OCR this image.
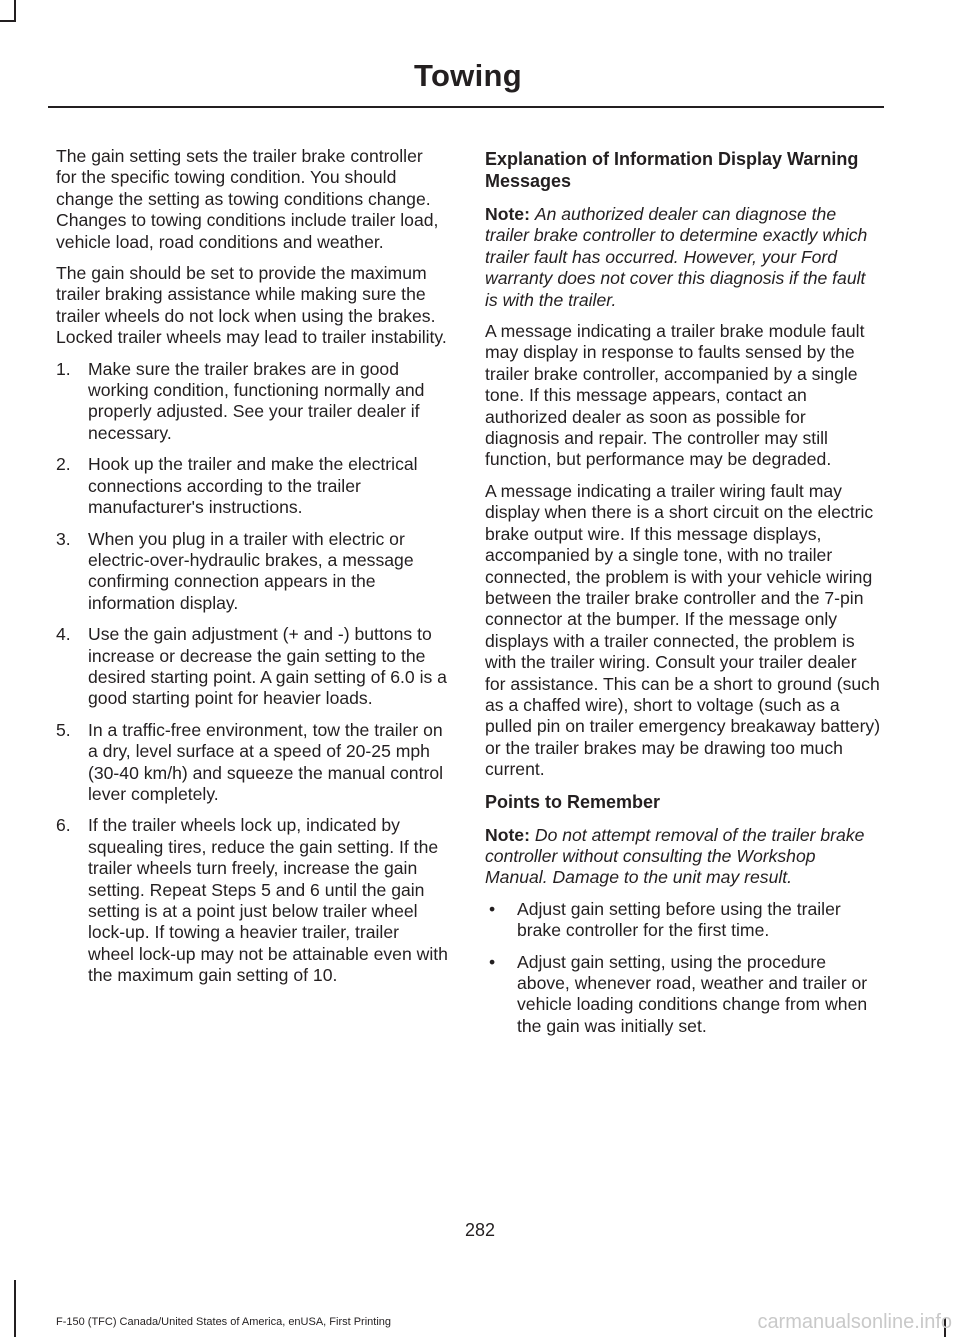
Towing

The gain setting sets the trailer brake controller for the specific towing condition. You should change the setting as towing conditions change. Changes to towing conditions include trailer load, vehicle load, road conditions and weather.

The gain should be set to provide the maximum trailer braking assistance while making sure the trailer wheels do not lock when using the brakes. Locked trailer wheels may lead to trailer instability.

1. Make sure the trailer brakes are in good working condition, functioning normally and properly adjusted. See your trailer dealer if necessary.
2. Hook up the trailer and make the electrical connections according to the trailer manufacturer's instructions.
3. When you plug in a trailer with electric or electric-over-hydraulic brakes, a message confirming connection appears in the information display.
4. Use the gain adjustment (+ and -) buttons to increase or decrease the gain setting to the desired starting point. A gain setting of 6.0 is a good starting point for heavier loads.
5. In a traffic-free environment, tow the trailer on a dry, level surface at a speed of 20-25 mph (30-40 km/h) and squeeze the manual control lever completely.
6. If the trailer wheels lock up, indicated by squealing tires, reduce the gain setting. If the trailer wheels turn freely, increase the gain setting. Repeat Steps 5 and 6 until the gain setting is at a point just below trailer wheel lock-up. If towing a heavier trailer, trailer wheel lock-up may not be attainable even with the maximum gain setting of 10.
Explanation of Information Display Warning Messages

Note: An authorized dealer can diagnose the trailer brake controller to determine exactly which trailer fault has occurred. However, your Ford warranty does not cover this diagnosis if the fault is with the trailer.

A message indicating a trailer brake module fault may display in response to faults sensed by the trailer brake controller, accompanied by a single tone. If this message appears, contact an authorized dealer as soon as possible for diagnosis and repair. The controller may still function, but performance may be degraded.

A message indicating a trailer wiring fault may display when there is a short circuit on the electric brake output wire. If this message displays, accompanied by a single tone, with no trailer connected, the problem is with your vehicle wiring between the trailer brake controller and the 7-pin connector at the bumper. If the message only displays with a trailer connected, the problem is with the trailer wiring. Consult your trailer dealer for assistance. This can be a short to ground (such as a chaffed wire), short to voltage (such as a pulled pin on trailer emergency breakaway battery) or the trailer brakes may be drawing too much current.

Points to Remember

Note: Do not attempt removal of the trailer brake controller without consulting the Workshop Manual. Damage to the unit may result.

• Adjust gain setting before using the trailer brake controller for the first time.
• Adjust gain setting, using the procedure above, whenever road, weather and trailer or vehicle loading conditions change from when the gain was initially set.
282
F-150 (TFC) Canada/United States of America, enUSA, First Printing	carmanualsonline.info
